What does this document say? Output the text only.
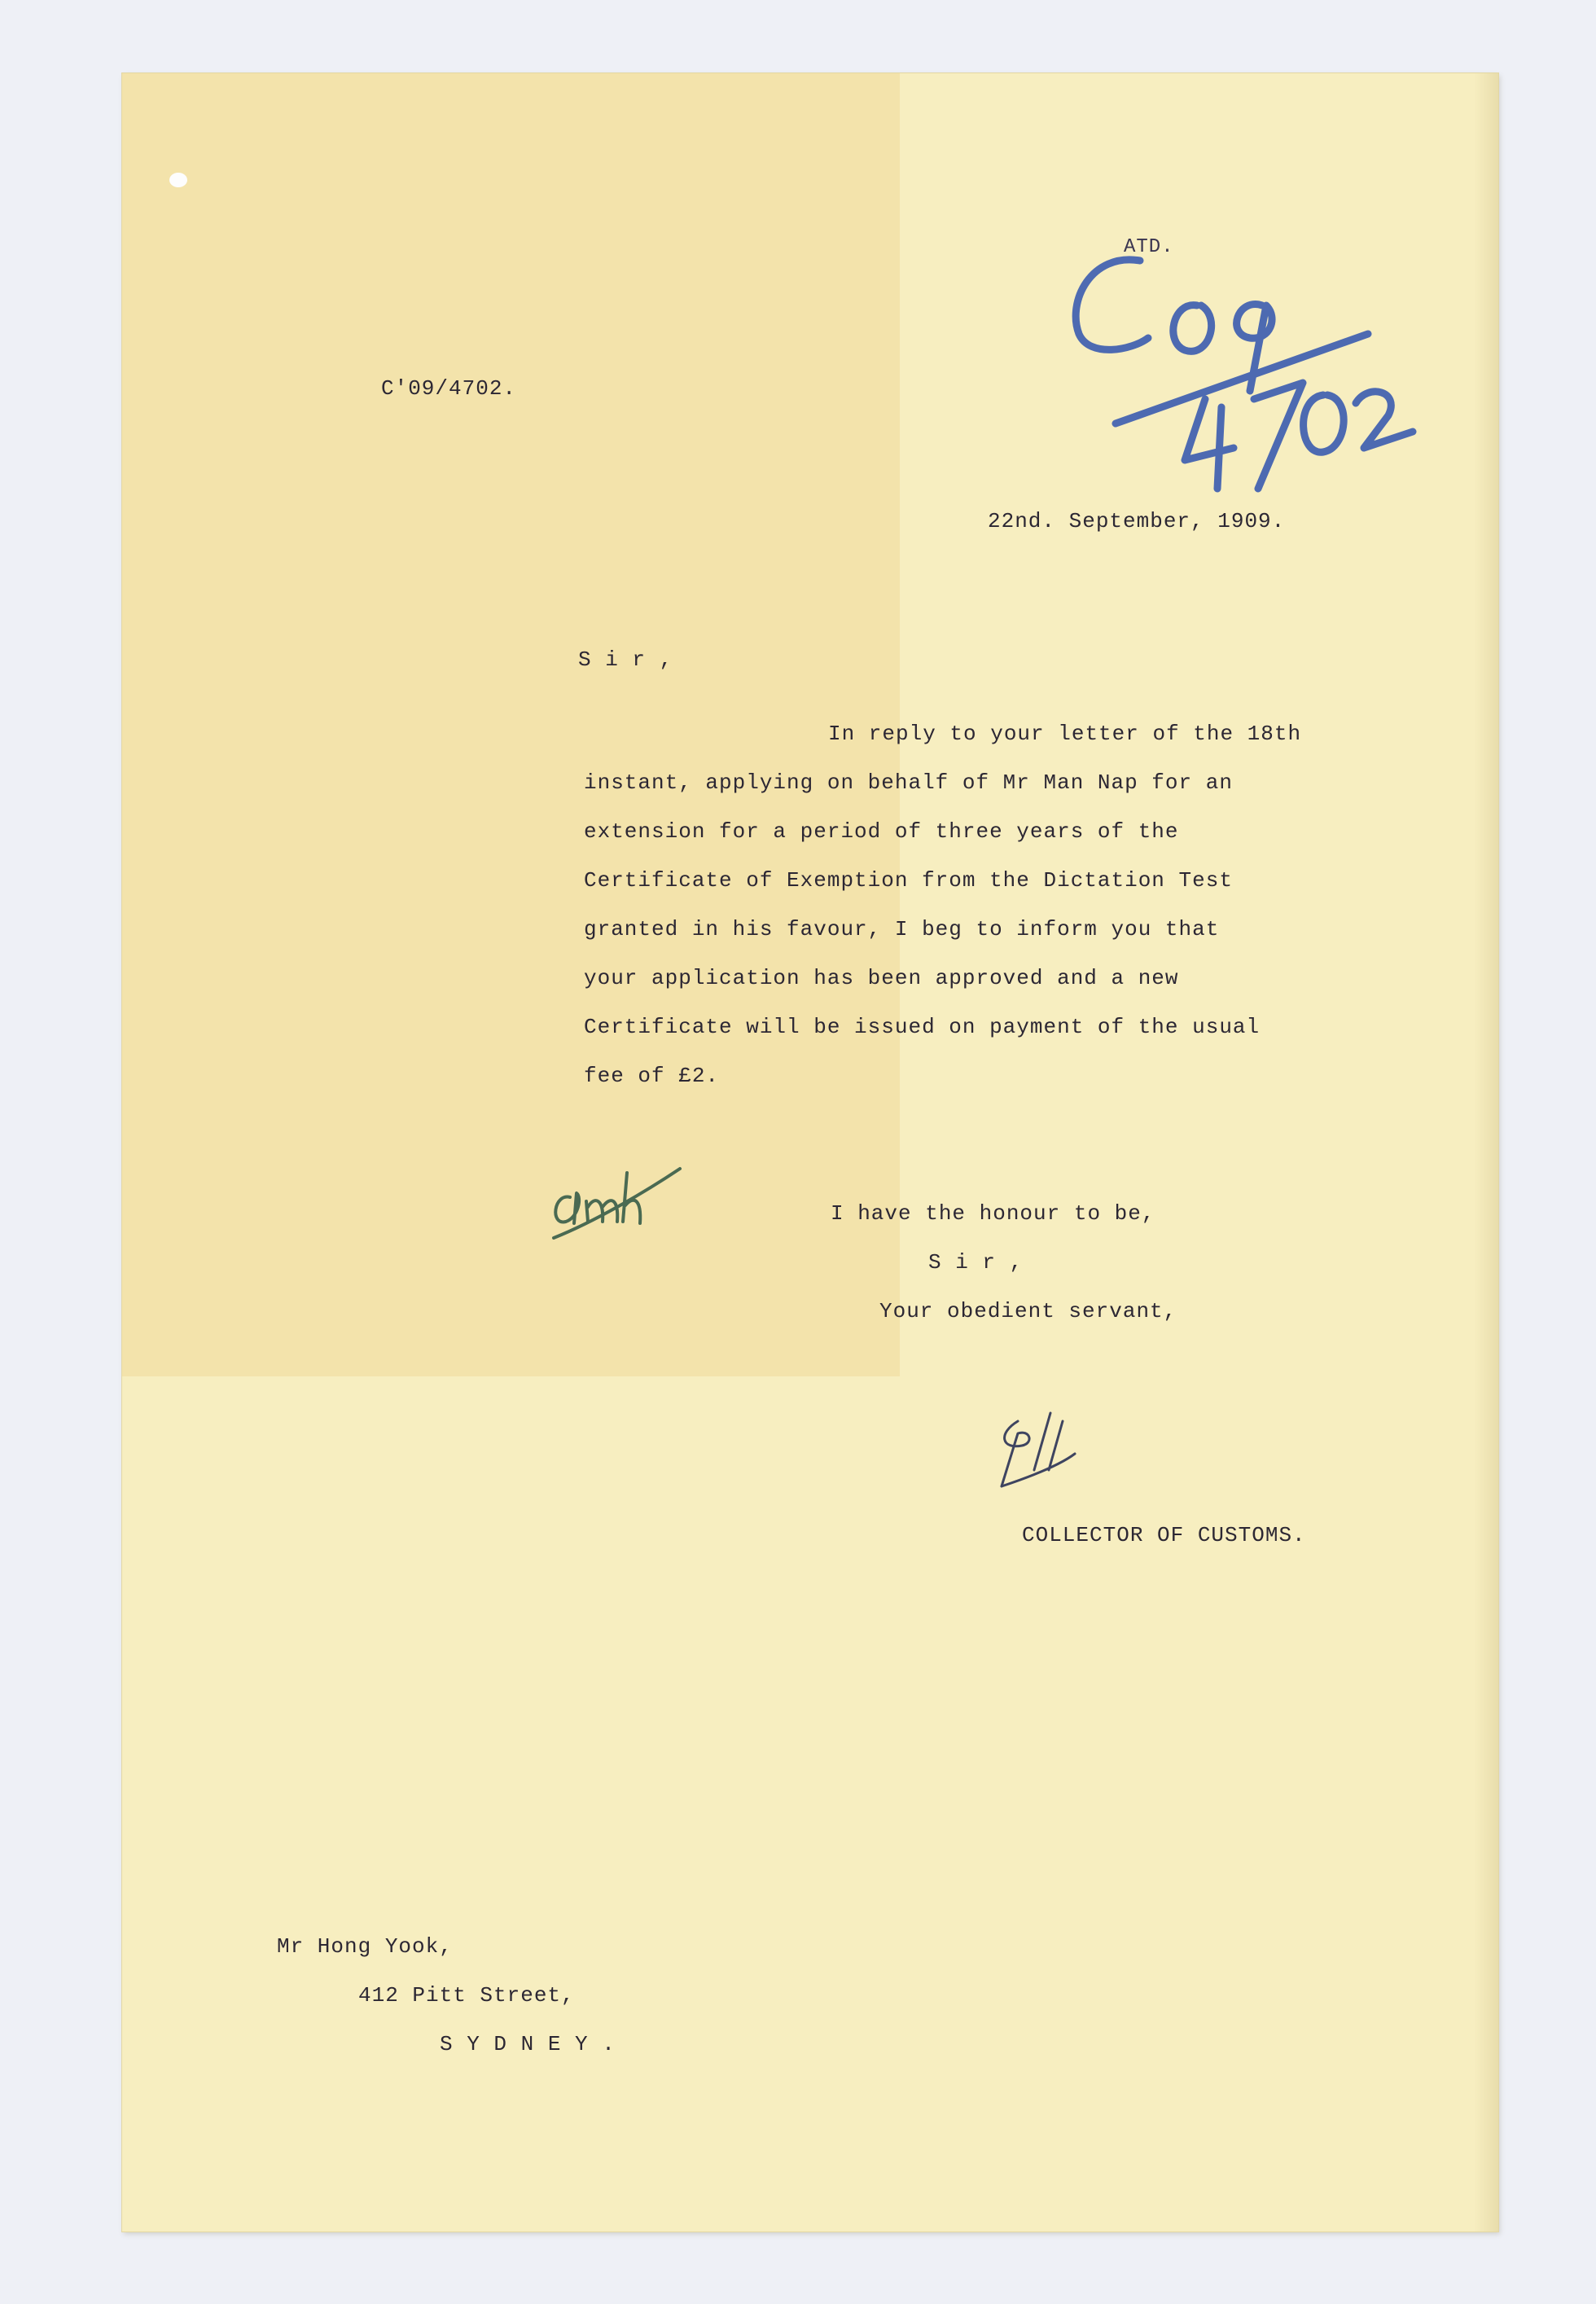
C'09/4702.
ATD.
22nd. September, 1909.
S i r ,
In reply to your letter of the 18th
instant, applying on behalf of Mr Man Nap for an
extension for a period of three years of the
Certificate of Exemption from the Dictation Test
granted in his favour, I beg to inform you that
your application has been approved and a new
Certificate will be issued on payment of the usual
fee of £2.
I have the honour to be,
S i r ,
Your obedient servant,
COLLECTOR OF CUSTOMS.
Mr Hong Yook,
412 Pitt Street,
S Y D N E Y .
